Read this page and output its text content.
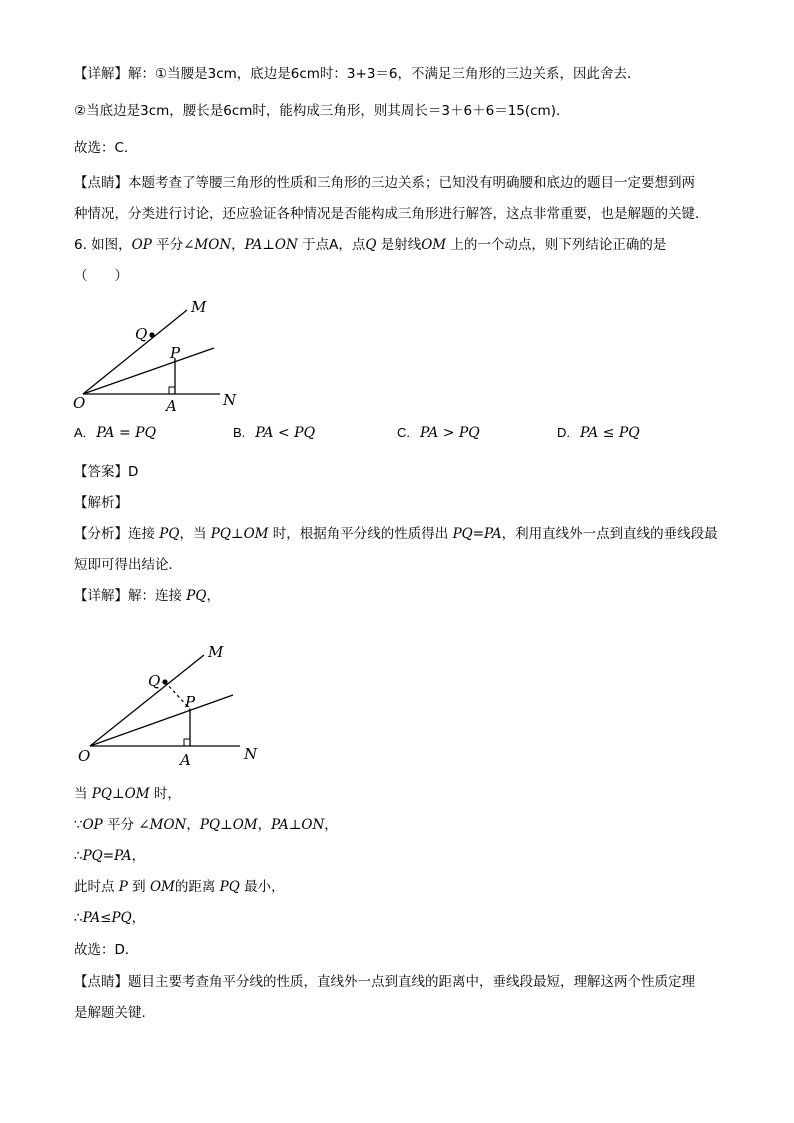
【详解】解：①当腰是3cm，底边是6cm时：3+3＝6，不满足三角形的三边关系，因此舍去．
②当底边是3cm，腰长是6cm时，能构成三角形，则其周长＝3＋6＋6＝15(cm)．
故选：C．
【点睛】本题考查了等腰三角形的性质和三角形的三边关系；已知没有明确腰和底边的题目一定要想到两
种情况，分类进行讨论，还应验证各种情况是否能构成三角形进行解答，这点非常重要，也是解题的关键．
6. 如图，OP 平分∠MON，PA⊥ON 于点A，点Q 是射线OM 上的一个动点，则下列结论正确的是
（　　）
M
Q
P
O	A	N
A. PA = PQ	B. PA < PQ	C. PA > PQ	D. PA ≤ PQ
【答案】D
【解析】
【分析】连接 PQ，当 PQ⊥OM 时，根据角平分线的性质得出 PQ=PA，利用直线外一点到直线的垂线段最
短即可得出结论．
【详解】解：连接 PQ，
M
Q
P
O	A	N
当 PQ⊥OM 时，
∵OP 平分 ∠MON，PQ⊥OM，PA⊥ON，
∴PQ=PA，
此时点 P 到 OM的距离 PQ 最小，
∴PA≤PQ，
故选：D．
【点睛】题目主要考查角平分线的性质，直线外一点到直线的距离中，垂线段最短，理解这两个性质定理
是解题关键．
